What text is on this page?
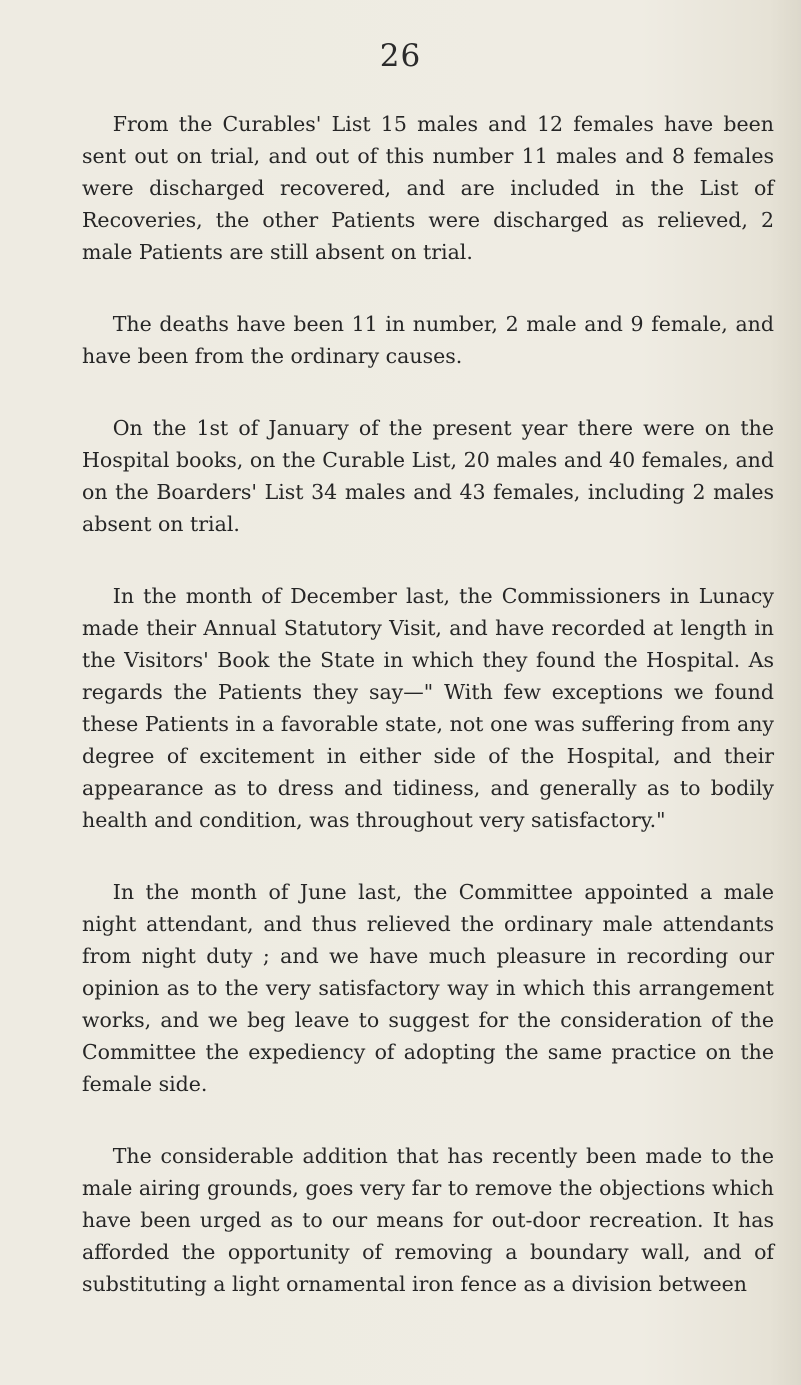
26

From the Curables' List 15 males and 12 females have been sent out on trial, and out of this number 11 males and 8 females were discharged recovered, and are included in the List of Recoveries, the other Patients were discharged as relieved, 2 male Patients are still absent on trial.

The deaths have been 11 in number, 2 male and 9 female, and have been from the ordinary causes.

On the 1st of January of the present year there were on the Hospital books, on the Curable List, 20 males and 40 females, and on the Boarders' List 34 males and 43 females, including 2 males absent on trial.

In the month of December last, the Commissioners in Lunacy made their Annual Statutory Visit, and have recorded at length in the Visitors' Book the State in which they found the Hospital. As regards the Patients they say—" With few exceptions we found these Patients in a favorable state, not one was suffering from any degree of excitement in either side of the Hospital, and their appearance as to dress and tidiness, and generally as to bodily health and condition, was throughout very satisfactory."

In the month of June last, the Committee appointed a male night attendant, and thus relieved the ordinary male attendants from night duty ; and we have much pleasure in recording our opinion as to the very satisfactory way in which this arrangement works, and we beg leave to suggest for the consideration of the Committee the expediency of adopting the same practice on the female side.

The considerable addition that has recently been made to the male airing grounds, goes very far to remove the objections which have been urged as to our means for out-door recreation. It has afforded the opportunity of removing a boundary wall, and of substituting a light ornamental iron fence as a division between
